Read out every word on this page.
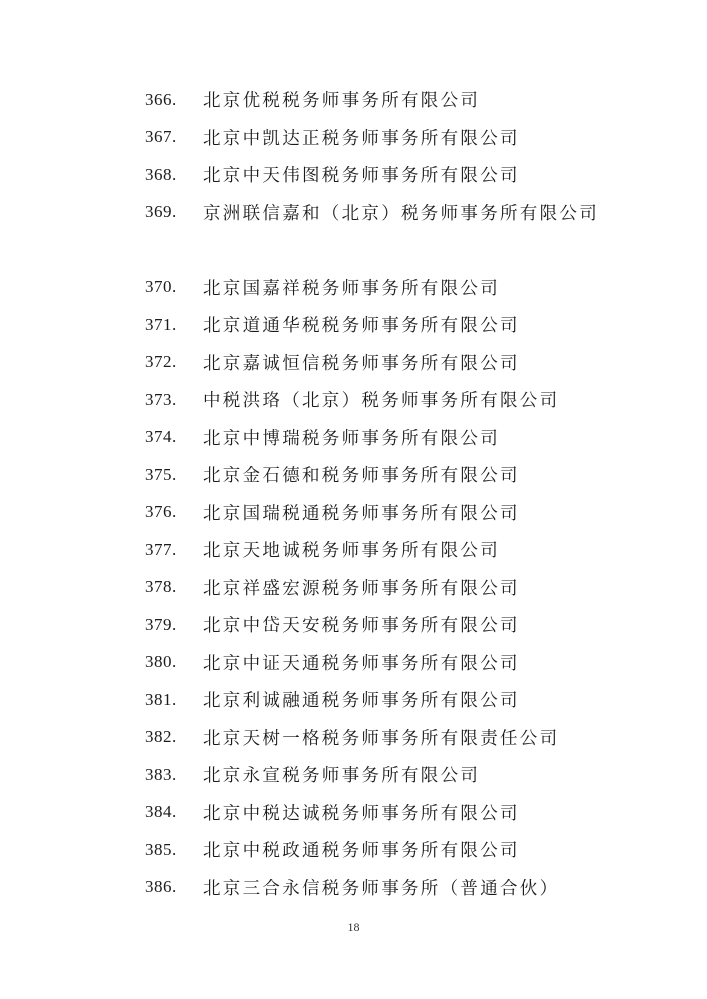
366.	北京优税税务师事务所有限公司
367.	北京中凯达正税务师事务所有限公司
368.	北京中天伟图税务师事务所有限公司
369.	京洲联信嘉和（北京）税务师事务所有限公司
370.	北京国嘉祥税务师事务所有限公司
371.	北京道通华税税务师事务所有限公司
372.	北京嘉诚恒信税务师事务所有限公司
373.	中税洪珞（北京）税务师事务所有限公司
374.	北京中博瑞税务师事务所有限公司
375.	北京金石德和税务师事务所有限公司
376.	北京国瑞税通税务师事务所有限公司
377.	北京天地诚税务师事务所有限公司
378.	北京祥盛宏源税务师事务所有限公司
379.	北京中岱天安税务师事务所有限公司
380.	北京中证天通税务师事务所有限公司
381.	北京利诚融通税务师事务所有限公司
382.	北京天树一格税务师事务所有限责任公司
383.	北京永宣税务师事务所有限公司
384.	北京中税达诚税务师事务所有限公司
385.	北京中税政通税务师事务所有限公司
386.	北京三合永信税务师事务所（普通合伙）
18
